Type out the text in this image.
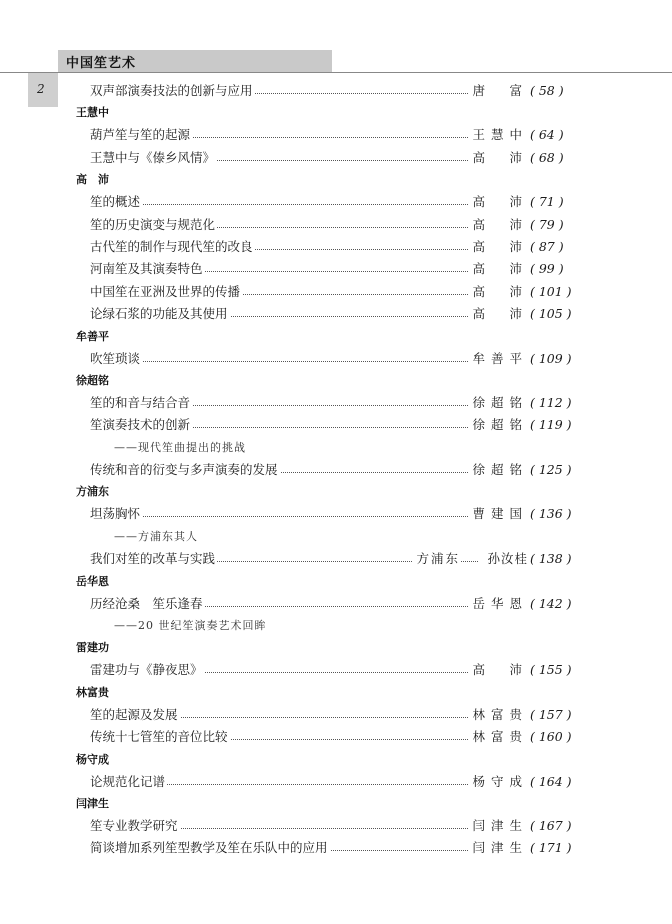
中国笙艺术
2	双声部演奏技法的创新与应用	唐　富 ( 58 )
王慧中
葫芦笙与笙的起源	王慧中 ( 64 )
王慧中与《傣乡风情》	高　沛 ( 68 )
高　沛
笙的概述	高　沛 ( 71 )
笙的历史演变与规范化	高　沛 ( 79 )
古代笙的制作与现代笙的改良	高　沛 ( 87 )
河南笙及其演奏特色	高　沛 ( 99 )
中国笙在亚洲及世界的传播	高　沛 ( 101 )
论绿石浆的功能及其使用	高　沛 ( 105 )
牟善平
吹笙琐谈	牟善平 ( 109 )
徐超铭
笙的和音与结合音	徐超铭 ( 112 )
笙演奏技术的创新	徐超铭 ( 119 )
——现代笙曲提出的挑战
传统和音的衍变与多声演奏的发展	徐超铭 ( 125 )
方浦东
坦荡胸怀	曹建国 ( 136 )
——方浦东其人
我们对笙的改革与实践	方浦东	孙汝桂 ( 138 )
岳华恩
历经沧桑　笙乐逢春	岳华恩 ( 142 )
——20 世纪笙演奏艺术回眸
雷建功
雷建功与《静夜思》	高　沛 ( 155 )
林富贵
笙的起源及发展	林富贵 ( 157 )
传统十七管笙的音位比较	林富贵 ( 160 )
杨守成
论规范化记谱	杨守成 ( 164 )
闫津生
笙专业教学研究	闫津生 ( 167 )
简谈增加系列笙型教学及笙在乐队中的应用	闫津生 ( 171 )
